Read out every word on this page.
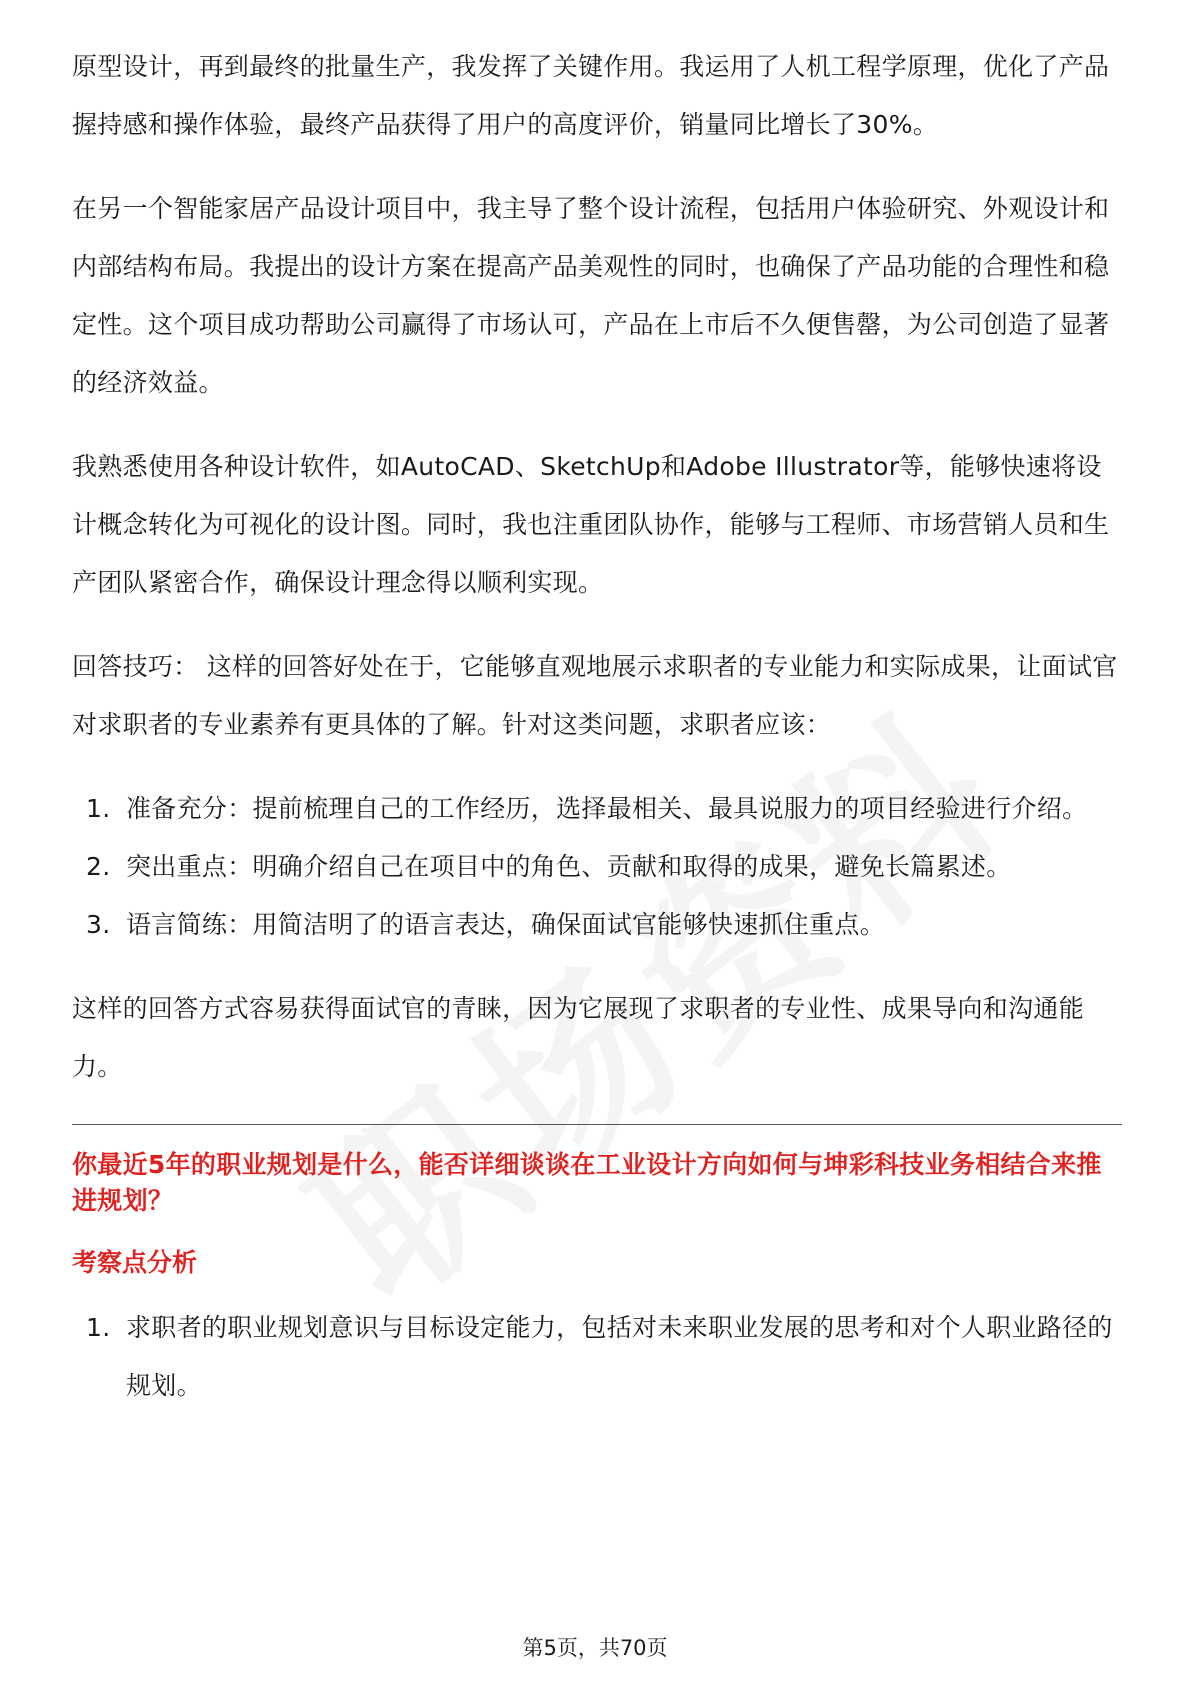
原型设计，再到最终的批量生产，我发挥了关键作用。我运用了人机工程学原理，优化了产品握持感和操作体验，最终产品获得了用户的高度评价，销量同比增长了30%。

在另一个智能家居产品设计项目中，我主导了整个设计流程，包括用户体验研究、外观设计和内部结构布局。我提出的设计方案在提高产品美观性的同时，也确保了产品功能的合理性和稳定性。这个项目成功帮助公司赢得了市场认可，产品在上市后不久便售罄，为公司创造了显著的经济效益。

我熟悉使用各种设计软件，如AutoCAD、SketchUp和Adobe Illustrator等，能够快速将设计概念转化为可视化的设计图。同时，我也注重团队协作，能够与工程师、市场营销人员和生产团队紧密合作，确保设计理念得以顺利实现。

回答技巧： 这样的回答好处在于，它能够直观地展示求职者的专业能力和实际成果，让面试官对求职者的专业素养有更具体的了解。针对这类问题，求职者应该：

1. 准备充分：提前梳理自己的工作经历，选择最相关、最具说服力的项目经验进行介绍。
2. 突出重点：明确介绍自己在项目中的角色、贡献和取得的成果，避免长篇累述。
3. 语言简练：用简洁明了的语言表达，确保面试官能够快速抓住重点。

这样的回答方式容易获得面试官的青睐，因为它展现了求职者的专业性、成果导向和沟通能力。

你最近5年的职业规划是什么，能否详细谈谈在工业设计方向如何与坤彩科技业务相结合来推进规划？
考察点分析
1. 求职者的职业规划意识与目标设定能力，包括对未来职业发展的思考和对个人职业路径的规划。
第5页，共70页
